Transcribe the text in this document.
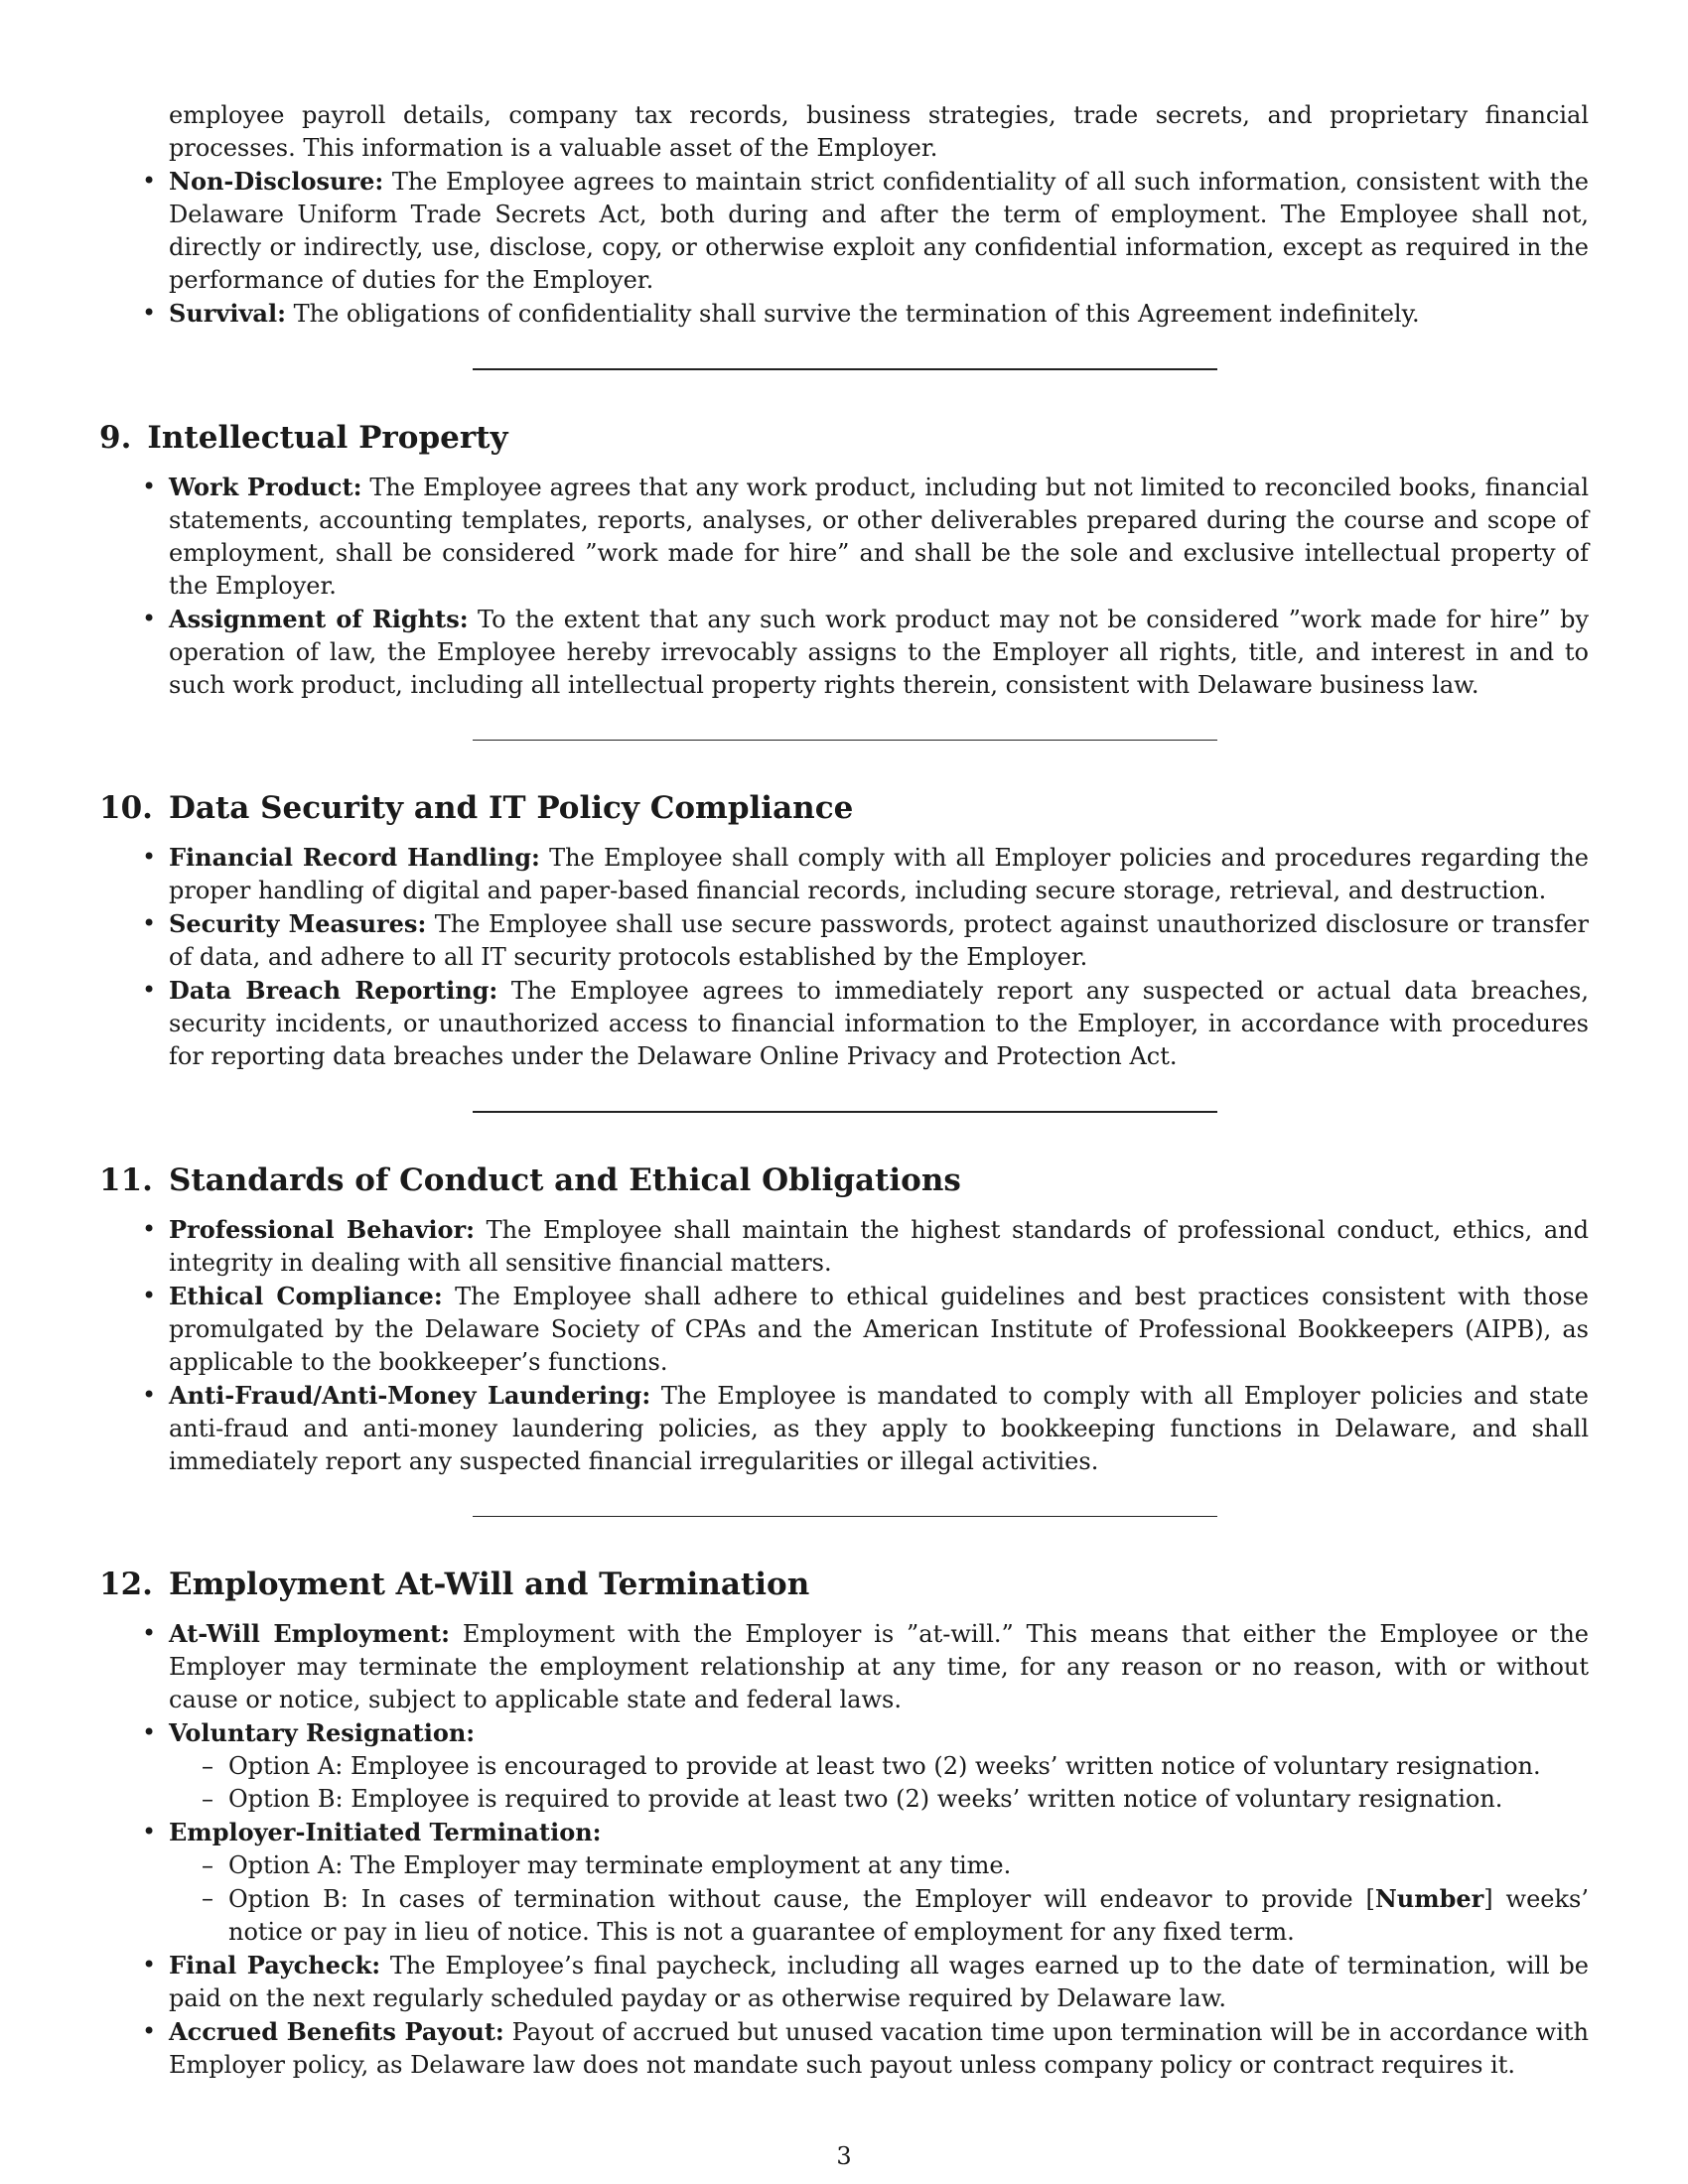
employee payroll details, company tax records, business strategies, trade secrets, and proprietary financial processes. This information is a valuable asset of the Employer.
• Non-Disclosure: The Employee agrees to maintain strict confidentiality of all such information, consistent with the Delaware Uniform Trade Secrets Act, both during and after the term of employment. The Employee shall not, directly or indirectly, use, disclose, copy, or otherwise exploit any confidential information, except as required in the performance of duties for the Employer.
• Survival: The obligations of confidentiality shall survive the termination of this Agreement indefinitely.
9. Intellectual Property
• Work Product: The Employee agrees that any work product, including but not limited to reconciled books, financial statements, accounting templates, reports, analyses, or other deliverables prepared during the course and scope of employment, shall be considered ”work made for hire” and shall be the sole and exclusive intellectual property of the Employer.
• Assignment of Rights: To the extent that any such work product may not be considered ”work made for hire” by operation of law, the Employee hereby irrevocably assigns to the Employer all rights, title, and interest in and to such work product, including all intellectual property rights therein, consistent with Delaware business law.
10. Data Security and IT Policy Compliance
• Financial Record Handling: The Employee shall comply with all Employer policies and procedures regarding the proper handling of digital and paper-based financial records, including secure storage, retrieval, and destruction.
• Security Measures: The Employee shall use secure passwords, protect against unauthorized disclosure or transfer of data, and adhere to all IT security protocols established by the Employer.
• Data Breach Reporting: The Employee agrees to immediately report any suspected or actual data breaches, security incidents, or unauthorized access to financial information to the Employer, in accordance with procedures for reporting data breaches under the Delaware Online Privacy and Protection Act.
11. Standards of Conduct and Ethical Obligations
• Professional Behavior: The Employee shall maintain the highest standards of professional conduct, ethics, and integrity in dealing with all sensitive financial matters.
• Ethical Compliance: The Employee shall adhere to ethical guidelines and best practices consistent with those promulgated by the Delaware Society of CPAs and the American Institute of Professional Bookkeepers (AIPB), as applicable to the bookkeeper’s functions.
• Anti-Fraud/Anti-Money Laundering: The Employee is mandated to comply with all Employer policies and state anti-fraud and anti-money laundering policies, as they apply to bookkeeping functions in Delaware, and shall immediately report any suspected financial irregularities or illegal activities.
12. Employment At-Will and Termination
• At-Will Employment: Employment with the Employer is ”at-will.” This means that either the Employee or the Employer may terminate the employment relationship at any time, for any reason or no reason, with or without cause or notice, subject to applicable state and federal laws.
• Voluntary Resignation:
– Option A: Employee is encouraged to provide at least two (2) weeks’ written notice of voluntary resignation.
– Option B: Employee is required to provide at least two (2) weeks’ written notice of voluntary resignation.
• Employer-Initiated Termination:
– Option A: The Employer may terminate employment at any time.
– Option B: In cases of termination without cause, the Employer will endeavor to provide [Number] weeks’ notice or pay in lieu of notice. This is not a guarantee of employment for any fixed term.
• Final Paycheck: The Employee’s final paycheck, including all wages earned up to the date of termination, will be paid on the next regularly scheduled payday or as otherwise required by Delaware law.
• Accrued Benefits Payout: Payout of accrued but unused vacation time upon termination will be in accordance with Employer policy, as Delaware law does not mandate such payout unless company policy or contract requires it.
3
